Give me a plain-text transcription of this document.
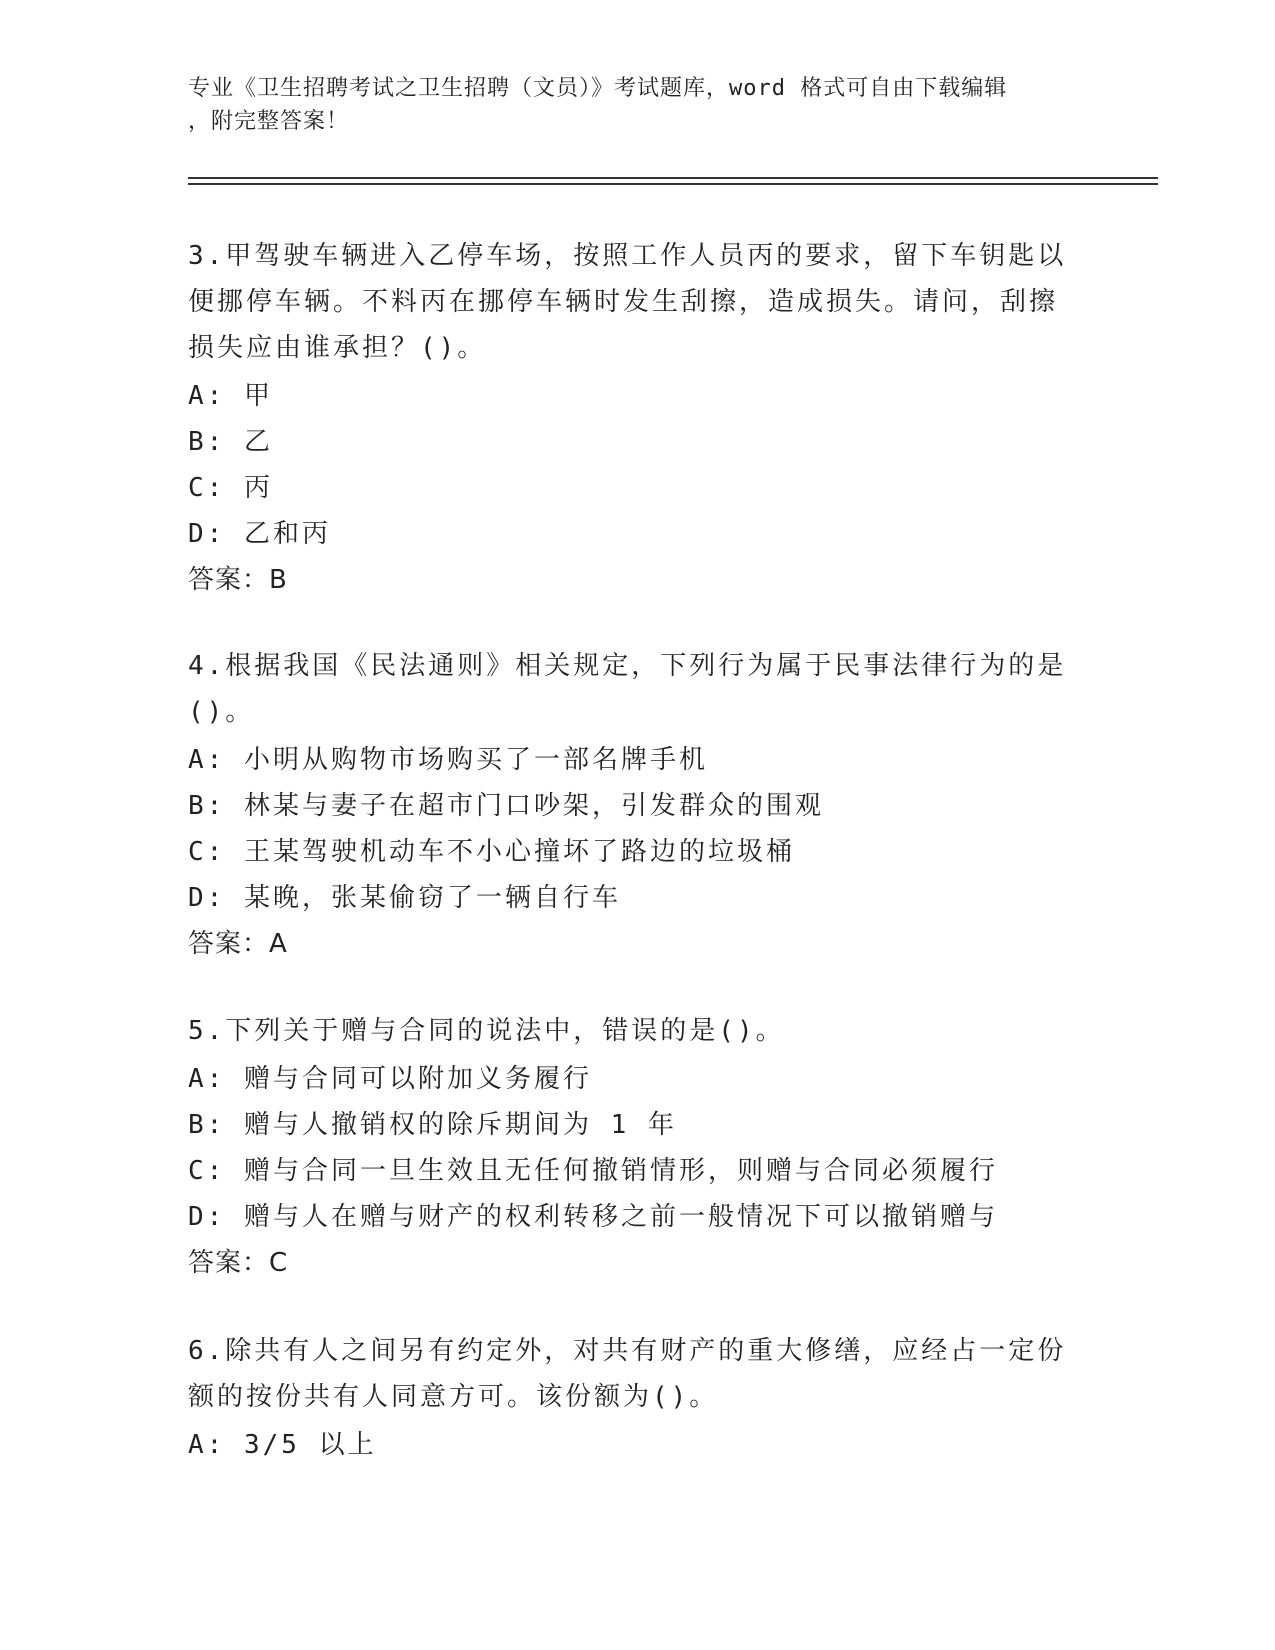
专业《卫生招聘考试之卫生招聘（文员）》考试题库，word 格式可自由下载编辑
，附完整答案！
3.甲驾驶车辆进入乙停车场，按照工作人员丙的要求，留下车钥匙以便挪停车辆。不料丙在挪停车辆时发生刮擦，造成损失。请问，刮擦损失应由谁承担？()。
A: 甲
B: 乙
C: 丙
D: 乙和丙
答案：B
4.根据我国《民法通则》相关规定，下列行为属于民事法律行为的是()。
A: 小明从购物市场购买了一部名牌手机
B: 林某与妻子在超市门口吵架，引发群众的围观
C: 王某驾驶机动车不小心撞坏了路边的垃圾桶
D: 某晚，张某偷窃了一辆自行车
答案：A
5.下列关于赠与合同的说法中，错误的是()。
A: 赠与合同可以附加义务履行
B: 赠与人撤销权的除斥期间为 1 年
C: 赠与合同一旦生效且无任何撤销情形，则赠与合同必须履行
D: 赠与人在赠与财产的权利转移之前一般情况下可以撤销赠与
答案：C
6.除共有人之间另有约定外，对共有财产的重大修缮，应经占一定份额的按份共有人同意方可。该份额为()。
A: 3/5 以上
